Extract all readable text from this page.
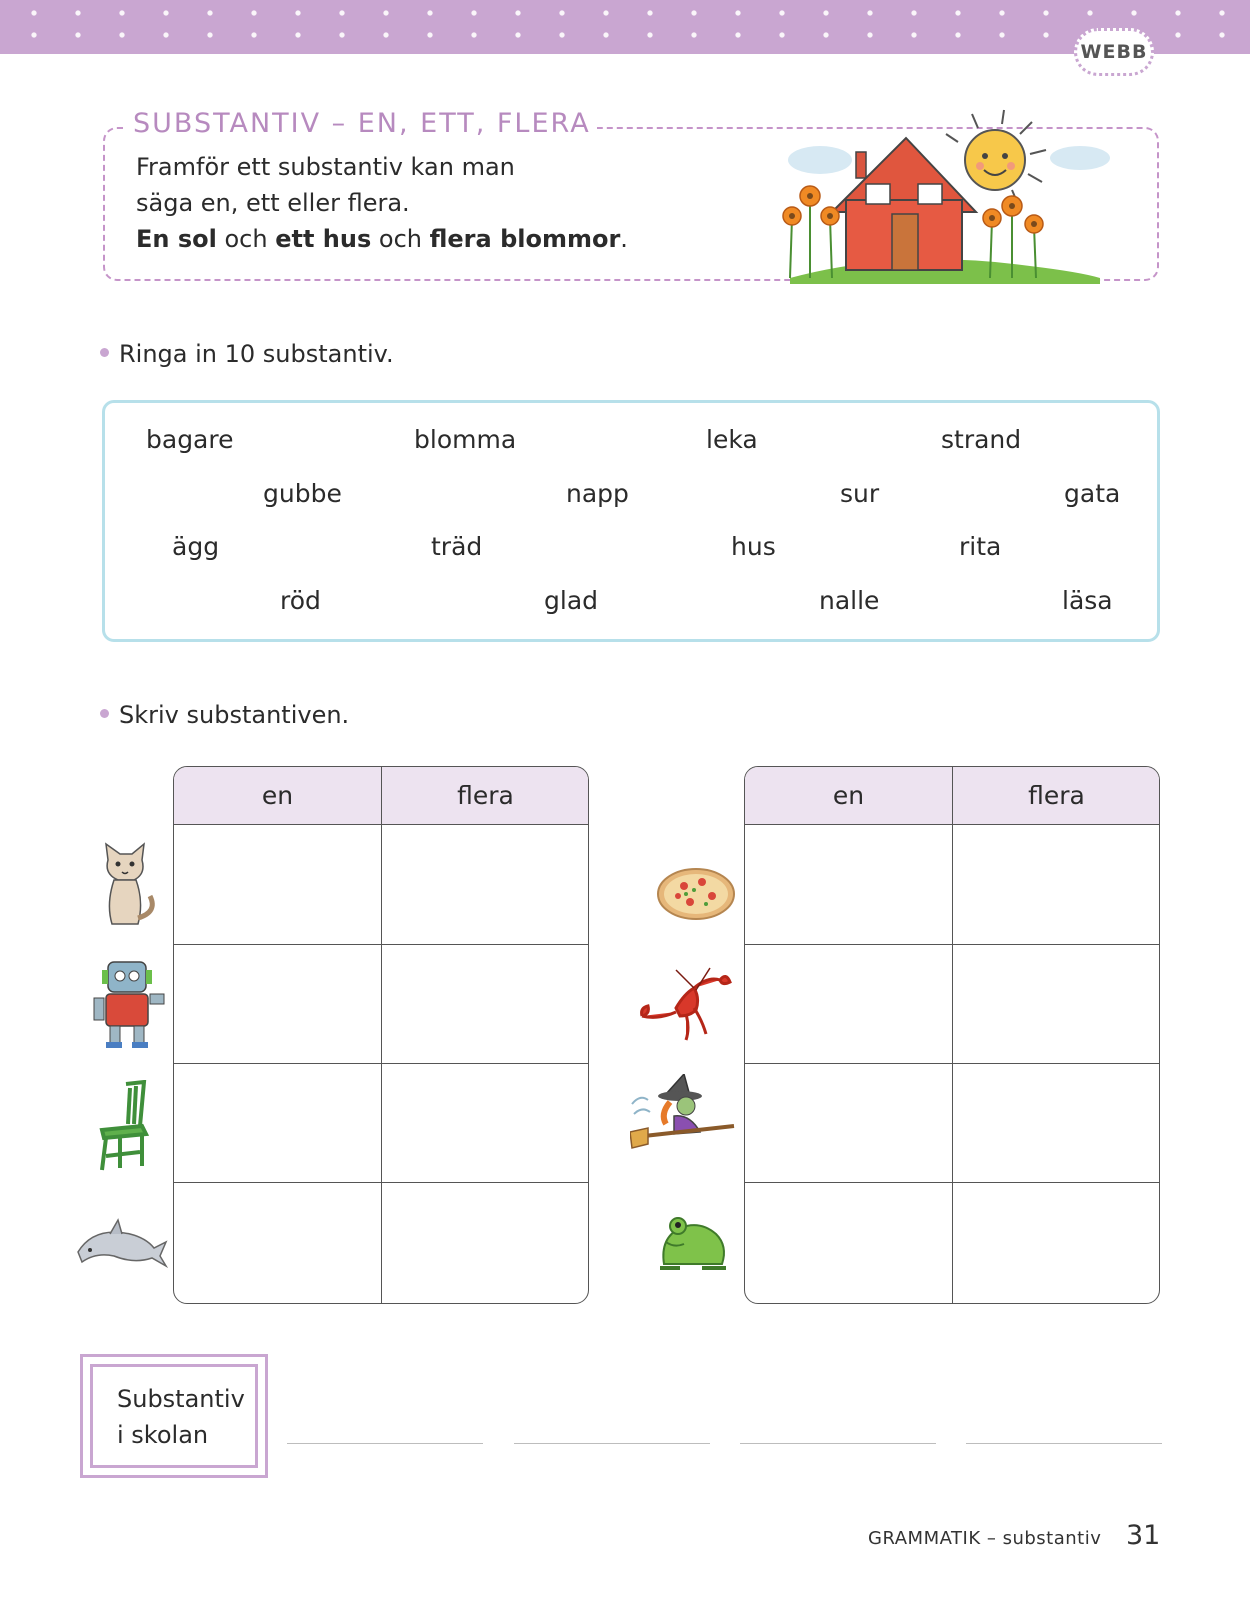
WEBB
SUBSTANTIV – EN, ETT, FLERA
Framför ett substantiv kan man
säga en, ett eller flera.
En sol och ett hus och flera blommor.
Ringa in 10 substantiv.
bagare	blomma	leka	strand
gubbe	napp	sur	gata
ägg	träd	hus	rita
röd	glad	nalle	läsa
Skriv substantiven.
en	flera	en	flera
Substantiv
i skolan
GRAMMATIK – substantiv 31
